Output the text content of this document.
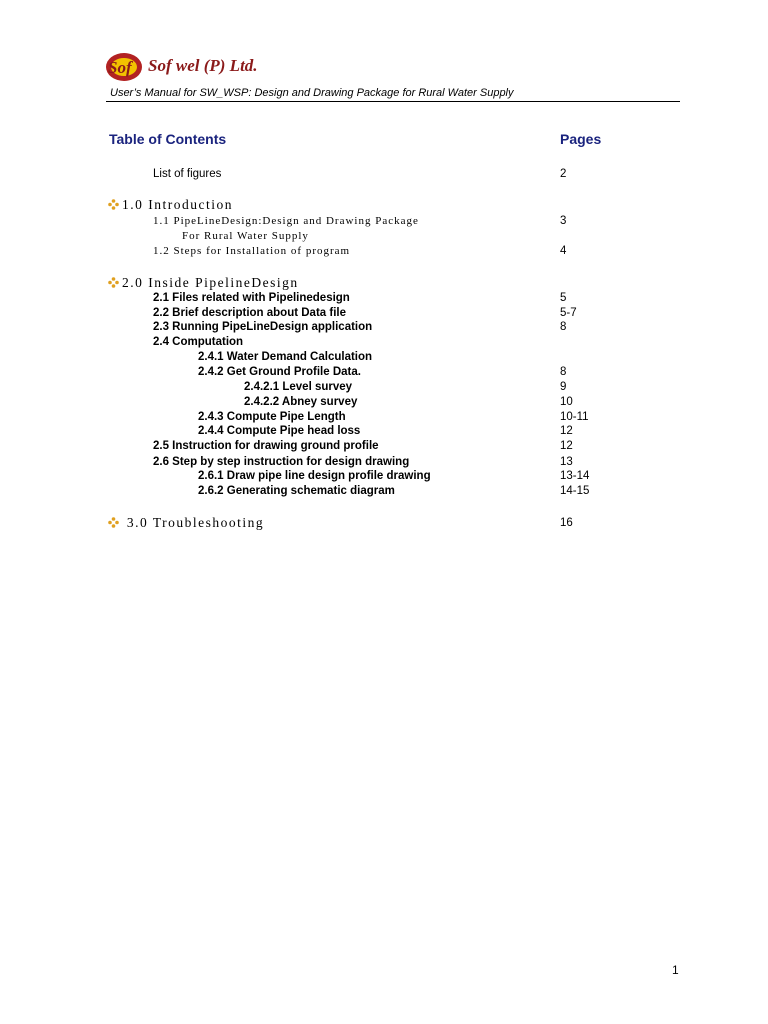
Sof Sof wel (P) Ltd.
User’s Manual for SW_WSP: Design and Drawing Package for Rural Water Supply
Table of Contents	Pages
List of figures	2
1.0 Introduction
1.1 PipeLineDesign:Design and Drawing Package	3
For Rural Water Supply
1.2 Steps for Installation of program	4
2.0 Inside PipelineDesign
2.1 Files related with Pipelinedesign	5
2.2 Brief description about Data file	5-7
2.3 Running PipeLineDesign application	8
2.4 Computation
2.4.1 Water Demand Calculation
2.4.2 Get Ground Profile Data.	8
2.4.2.1 Level survey	9
2.4.2.2 Abney survey	10
2.4.3 Compute Pipe Length	10-11
2.4.4 Compute Pipe head loss	12
2.5 Instruction for drawing ground profile	12
2.6 Step by step instruction for design drawing	13
2.6.1 Draw pipe line design profile drawing	13-14
2.6.2 Generating schematic diagram	14-15
3.0 Troubleshooting	16
1
